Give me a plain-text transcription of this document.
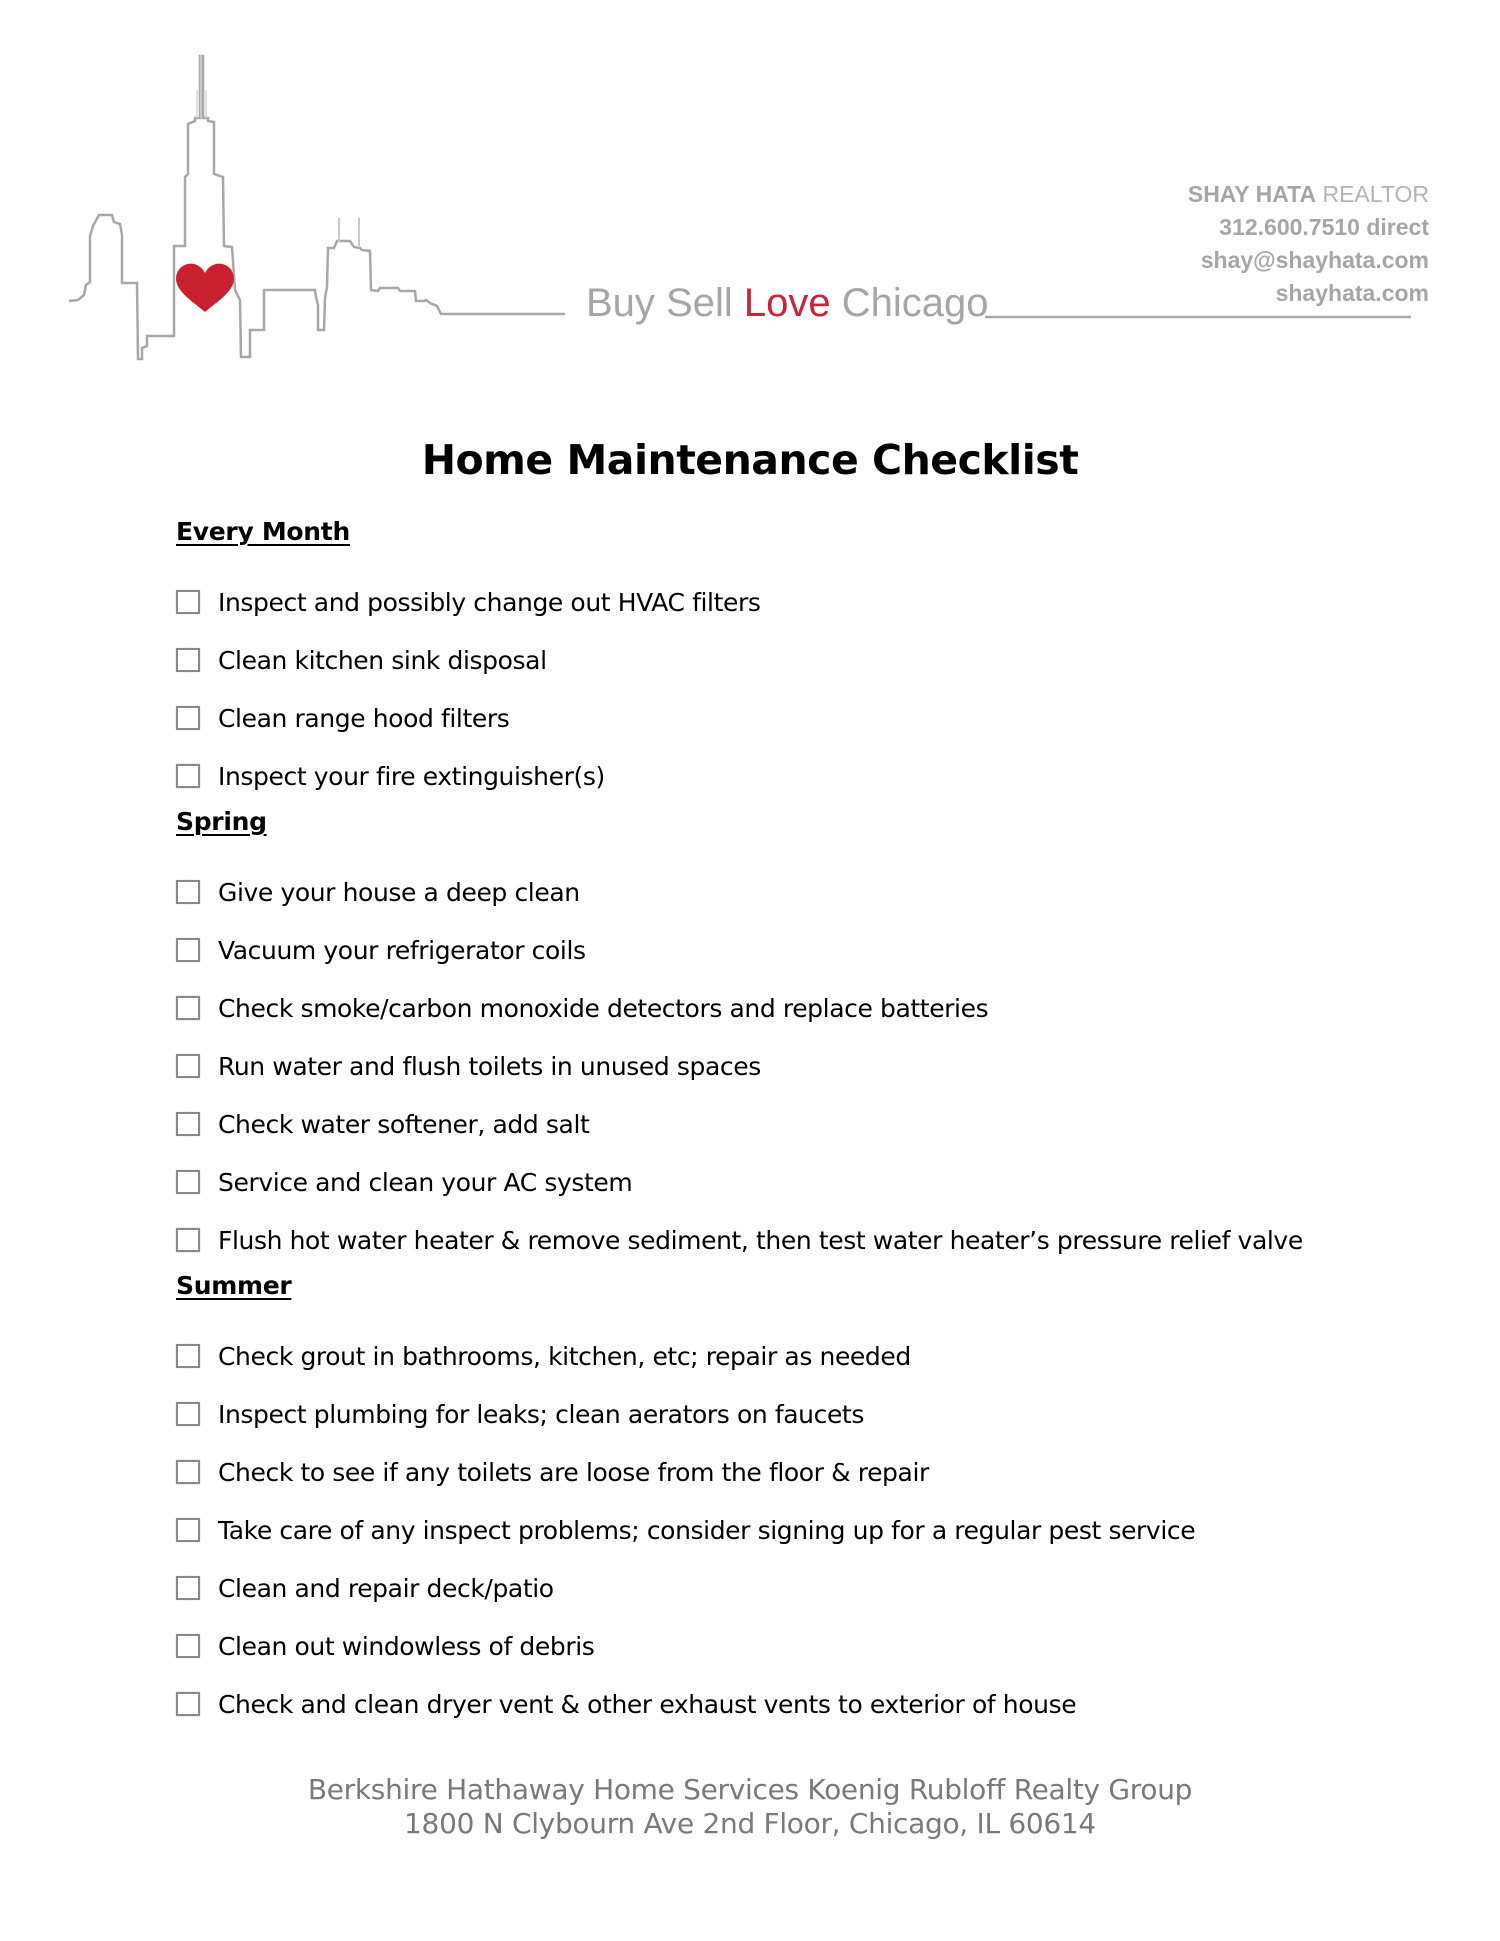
Buy Sell Love Chicago
SHAY HATA REALTOR
312.600.7510 direct
shay@shayhata.com
shayhata.com
Home Maintenance Checklist
Every Month
Inspect and possibly change out HVAC filters
Clean kitchen sink disposal
Clean range hood filters
Inspect your fire extinguisher(s)
Spring
Give your house a deep clean
Vacuum your refrigerator coils
Check smoke/carbon monoxide detectors and replace batteries
Run water and flush toilets in unused spaces
Check water softener, add salt
Service and clean your AC system
Flush hot water heater & remove sediment, then test water heater’s pressure relief valve
Summer
Check grout in bathrooms, kitchen, etc; repair as needed
Inspect plumbing for leaks; clean aerators on faucets
Check to see if any toilets are loose from the floor & repair
Take care of any inspect problems; consider signing up for a regular pest service
Clean and repair deck/patio
Clean out windowless of debris
Check and clean dryer vent & other exhaust vents to exterior of house
Berkshire Hathaway Home Services Koenig Rubloff Realty Group
1800 N Clybourn Ave 2nd Floor, Chicago, IL 60614
